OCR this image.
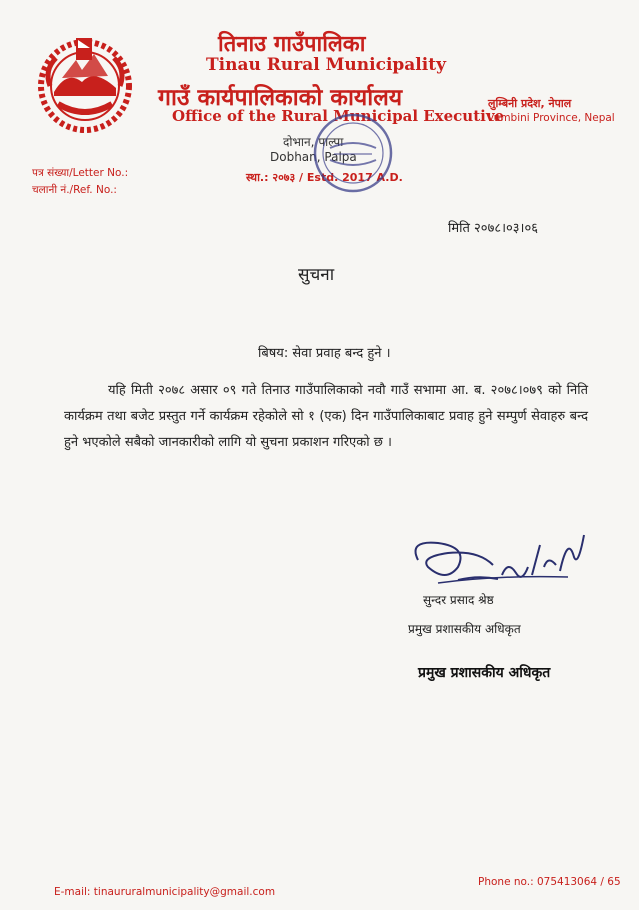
तिनाउ गाउँपालिका
Tinau Rural Municipality
गाउँ कार्यपालिकाको कार्यालय
Office of the Rural Municipal Executive
लुम्बिनी प्रदेश, नेपाल
Lumbini Province, Nepal
दोभान, पाल्पा
Dobhan, Palpa
स्था.: २०७३ / Estd. 2017 A.D.
पत्र संख्या/Letter No.:
चलानी नं./Ref. No.:
मिति २०७८।०३।०६
सुचना
बिषय: सेवा प्रवाह बन्द हुने ।
यहि मिती २०७८ असार ०९ गते तिनाउ गाउँपालिकाको नवौ गाउँ सभामा आ. ब. २०७८।०७९ को निति कार्यक्रम तथा बजेट प्रस्तुत गर्ने कार्यक्रम रहेकोले सो १ (एक) दिन गाउँपालिकाबाट प्रवाह हुने सम्पुर्ण सेवाहरु बन्द हुने भएकोले सबैको जानकारीको लागि यो सुचना प्रकाशन गरिएको छ ।
सुन्दर प्रसाद श्रेष्ठ
प्रमुख प्रशासकीय अधिकृत
प्रमुख प्रशासकीय अधिकृत
E-mail: tinaururalmunicipality@gmail.com
Phone no.: 075413064 / 65
